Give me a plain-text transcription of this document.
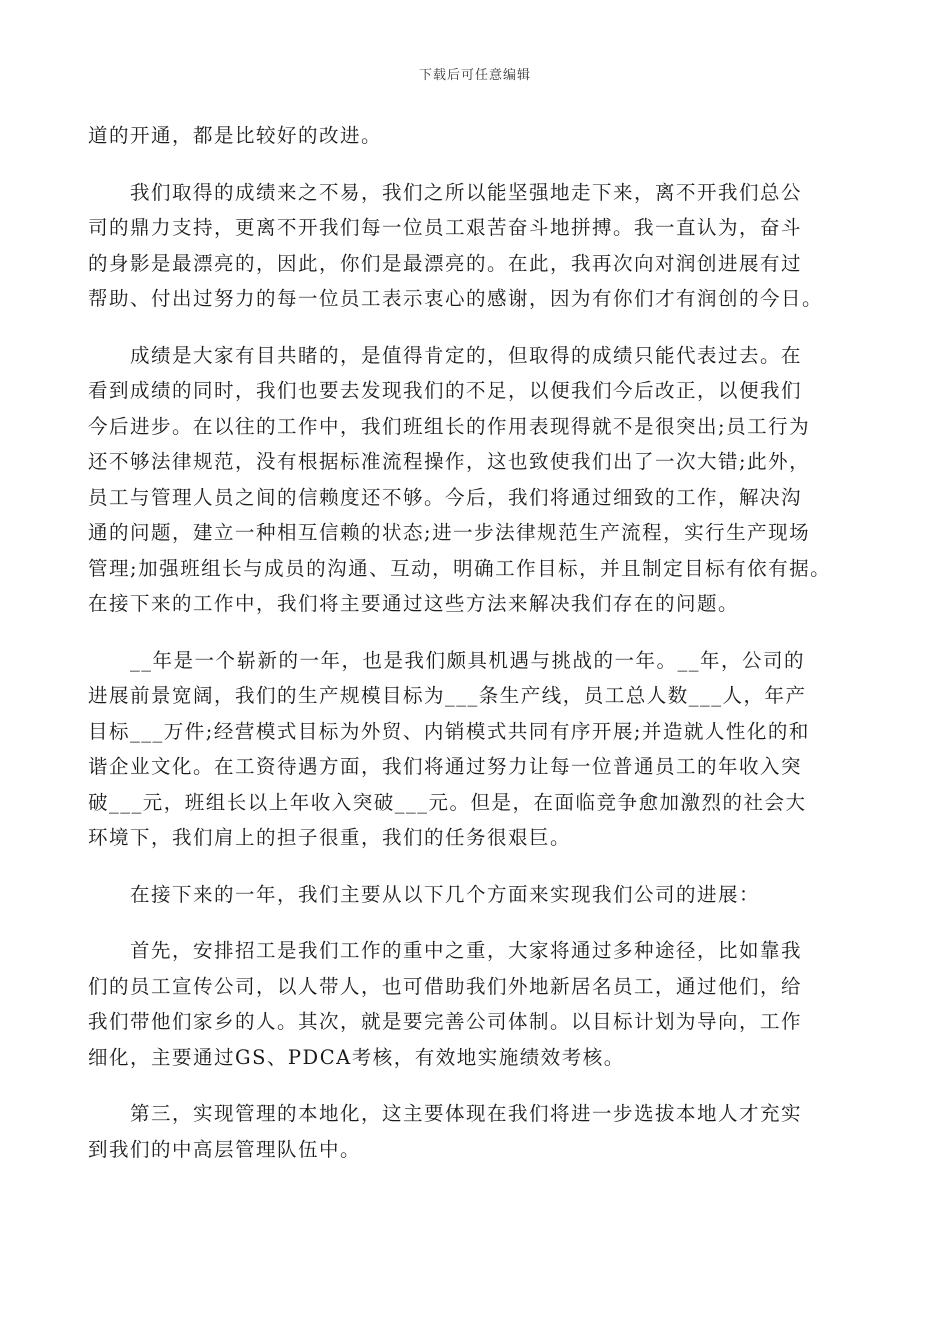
下载后可任意编辑
道的开通，都是比较好的改进。
　　我们取得的成绩来之不易，我们之所以能坚强地走下来，离不开我们总公
司的鼎力支持，更离不开我们每一位员工艰苦奋斗地拼搏。我一直认为，奋斗
的身影是最漂亮的，因此，你们是最漂亮的。在此，我再次向对润创进展有过
帮助、付出过努力的每一位员工表示衷心的感谢，因为有你们才有润创的今日。
　　成绩是大家有目共睹的，是值得肯定的，但取得的成绩只能代表过去。在
看到成绩的同时，我们也要去发现我们的不足，以便我们今后改正，以便我们
今后进步。在以往的工作中，我们班组长的作用表现得就不是很突出;员工行为
还不够法律规范，没有根据标准流程操作，这也致使我们出了一次大错;此外，
员工与管理人员之间的信赖度还不够。今后，我们将通过细致的工作，解决沟
通的问题，建立一种相互信赖的状态;进一步法律规范生产流程，实行生产现场
管理;加强班组长与成员的沟通、互动，明确工作目标，并且制定目标有依有据。
在接下来的工作中，我们将主要通过这些方法来解决我们存在的问题。
　　__年是一个崭新的一年，也是我们颇具机遇与挑战的一年。__年，公司的
进展前景宽阔，我们的生产规模目标为___条生产线，员工总人数___人，年产
目标___万件;经营模式目标为外贸、内销模式共同有序开展;并造就人性化的和
谐企业文化。在工资待遇方面，我们将通过努力让每一位普通员工的年收入突
破___元，班组长以上年收入突破___元。但是，在面临竞争愈加激烈的社会大
环境下，我们肩上的担子很重，我们的任务很艰巨。
　　在接下来的一年，我们主要从以下几个方面来实现我们公司的进展：
　　首先，安排招工是我们工作的重中之重，大家将通过多种途径，比如靠我
们的员工宣传公司，以人带人，也可借助我们外地新居名员工，通过他们，给
我们带他们家乡的人。其次，就是要完善公司体制。以目标计划为导向，工作
细化，主要通过GS、PDCA考核，有效地实施绩效考核。
　　第三，实现管理的本地化，这主要体现在我们将进一步选拔本地人才充实
到我们的中高层管理队伍中。
